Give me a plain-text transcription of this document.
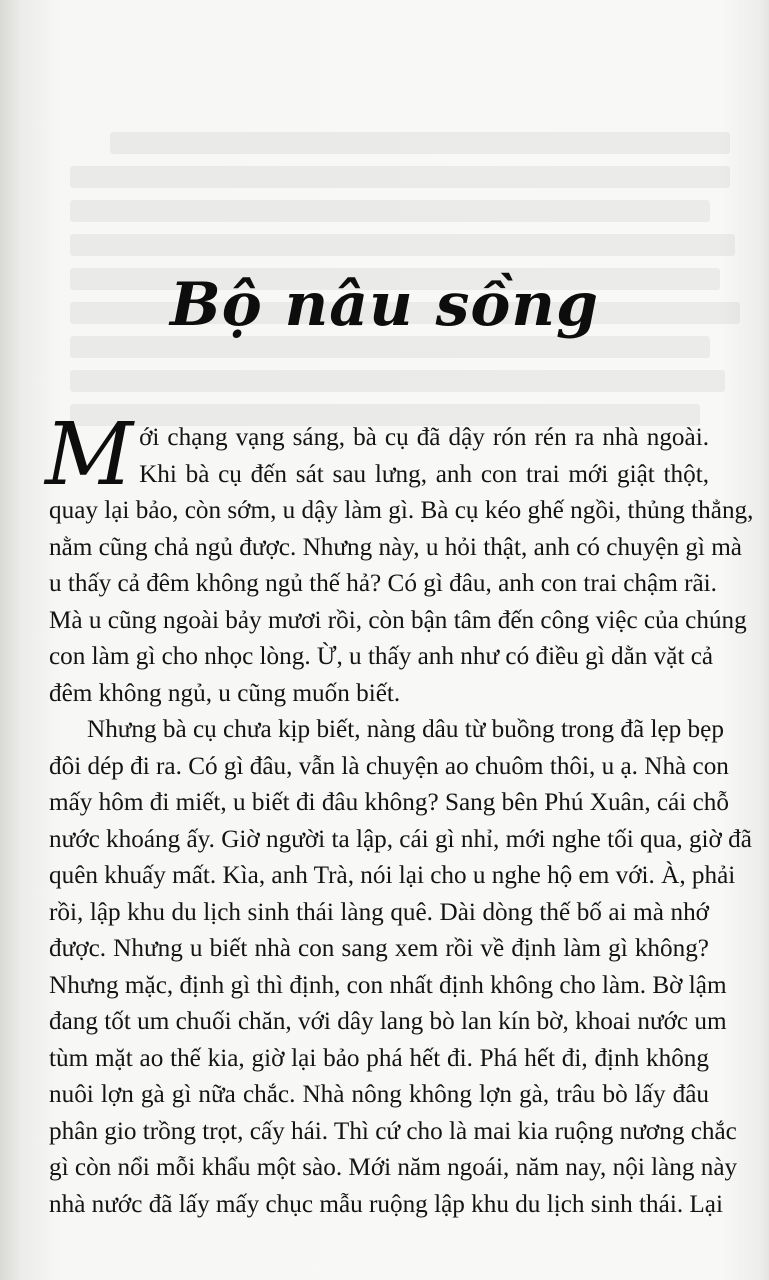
Bộ nâu sồng
M ới chạng vạng sáng, bà cụ đã dậy rón rén ra nhà ngoài.
Khi bà cụ đến sát sau lưng, anh con trai mới giật thột,
quay lại bảo, còn sớm, u dậy làm gì. Bà cụ kéo ghế ngồi, thủng thẳng,
nằm cũng chả ngủ được. Nhưng này, u hỏi thật, anh có chuyện gì mà
u thấy cả đêm không ngủ thế hả? Có gì đâu, anh con trai chậm rãi.
Mà u cũng ngoài bảy mươi rồi, còn bận tâm đến công việc của chúng
con làm gì cho nhọc lòng. Ừ, u thấy anh như có điều gì dằn vặt cả
đêm không ngủ, u cũng muốn biết.
Nhưng bà cụ chưa kịp biết, nàng dâu từ buồng trong đã lẹp bẹp
đôi dép đi ra. Có gì đâu, vẫn là chuyện ao chuôm thôi, u ạ. Nhà con
mấy hôm đi miết, u biết đi đâu không? Sang bên Phú Xuân, cái chỗ
nước khoáng ấy. Giờ người ta lập, cái gì nhỉ, mới nghe tối qua, giờ đã
quên khuấy mất. Kìa, anh Trà, nói lại cho u nghe hộ em với. À, phải
rồi, lập khu du lịch sinh thái làng quê. Dài dòng thế bố ai mà nhớ
được. Nhưng u biết nhà con sang xem rồi về định làm gì không?
Nhưng mặc, định gì thì định, con nhất định không cho làm. Bờ lậm
đang tốt um chuối chăn, với dây lang bò lan kín bờ, khoai nước um
tùm mặt ao thế kia, giờ lại bảo phá hết đi. Phá hết đi, định không
nuôi lợn gà gì nữa chắc. Nhà nông không lợn gà, trâu bò lấy đâu
phân gio trồng trọt, cấy hái. Thì cứ cho là mai kia ruộng nương chắc
gì còn nổi mỗi khẩu một sào. Mới năm ngoái, năm nay, nội làng này
nhà nước đã lấy mấy chục mẫu ruộng lập khu du lịch sinh thái. Lại
